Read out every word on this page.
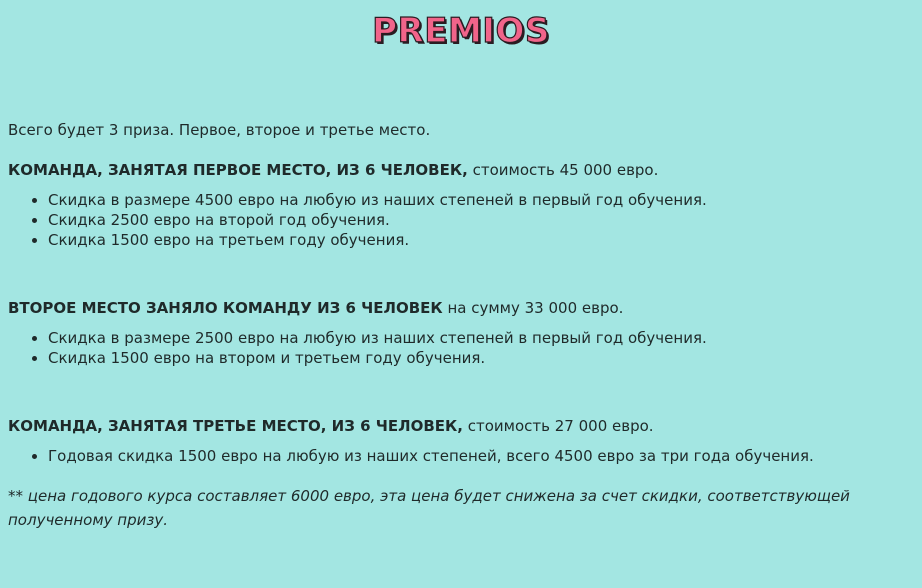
PREMIOS

Всего будет 3 приза. Первое, второе и третье место.

КОМАНДА, ЗАНЯТАЯ ПЕРВОЕ МЕСТО, ИЗ 6 ЧЕЛОВЕК, стоимость 45 000 евро.

• Скидка в размере 4500 евро на любую из наших степеней в первый год обучения.
• Скидка 2500 евро на второй год обучения.
• Скидка 1500 евро на третьем году обучения.

ВТОРОЕ МЕСТО ЗАНЯЛО КОМАНДУ ИЗ 6 ЧЕЛОВЕК на сумму 33 000 евро.

• Скидка в размере 2500 евро на любую из наших степеней в первый год обучения.
• Скидка 1500 евро на втором и третьем году обучения.

КОМАНДА, ЗАНЯТАЯ ТРЕТЬЕ МЕСТО, ИЗ 6 ЧЕЛОВЕК, стоимость 27 000 евро.

• Годовая скидка 1500 евро на любую из наших степеней, всего 4500 евро за три года обучения.

** цена годового курса составляет 6000 евро, эта цена будет снижена за счет скидки, соответствующей полученному призу.
